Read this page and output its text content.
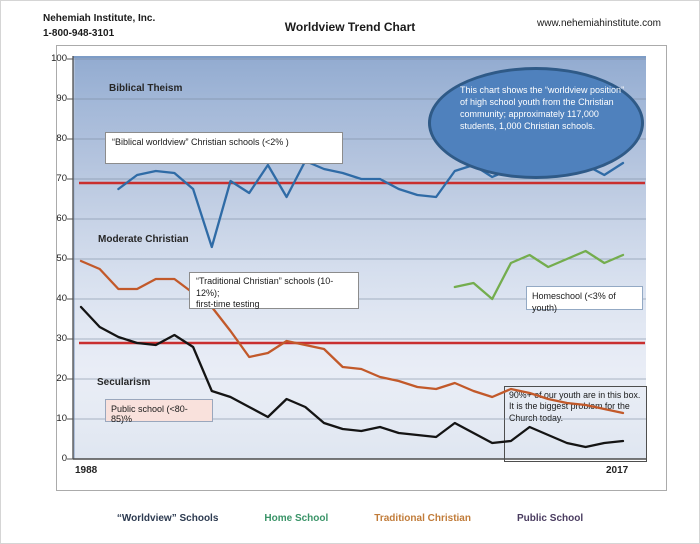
Nehemiah Institute, Inc.
1-800-948-3101	Worldview Trend Chart	www.nehemiahinstitute.com
0
10
20
30
40
50
60
70
80
90
100
1988	2017
90%+ of our youth are in this box. It is the biggest problem for the Church today.
Biblical Theism
Moderate Christian
Secularism
“Biblical worldview” Christian schools (<2% )
“Traditional Christian” schools (10-12%);
first-time testing
Homeschool (<3% of youth)
Public school (<80-85)%
This chart shows the “worldview position” of high school youth from the Christian community; approximately 117,000 students, 1,000 Christian schools.
“Worldview” Schools	Home School	Traditional Christian	Public School
